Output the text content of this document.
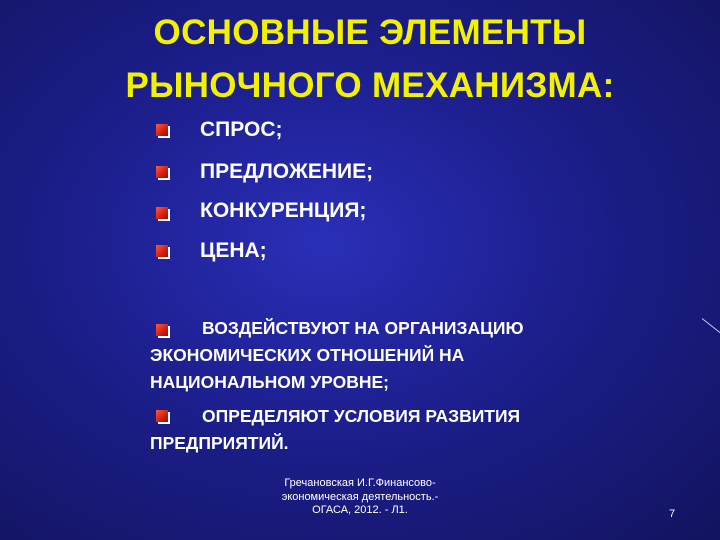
ОСНОВНЫЕ ЭЛЕМЕНТЫ
РЫНОЧНОГО МЕХАНИЗМА:
СПРОС;
ПРЕДЛОЖЕНИЕ;
КОНКУРЕНЦИЯ;
ЦЕНА;
ВОЗДЕЙСТВУЮТ НА ОРГАНИЗАЦИЮ
ЭКОНОМИЧЕСКИХ ОТНОШЕНИЙ НА
НАЦИОНАЛЬНОМ УРОВНЕ;
ОПРЕДЕЛЯЮТ УСЛОВИЯ РАЗВИТИЯ
ПРЕДПРИЯТИЙ.
Гречановская И.Г.Финансово-
экономическая деятельность.-
ОГАСА, 2012. - Л1.	7
